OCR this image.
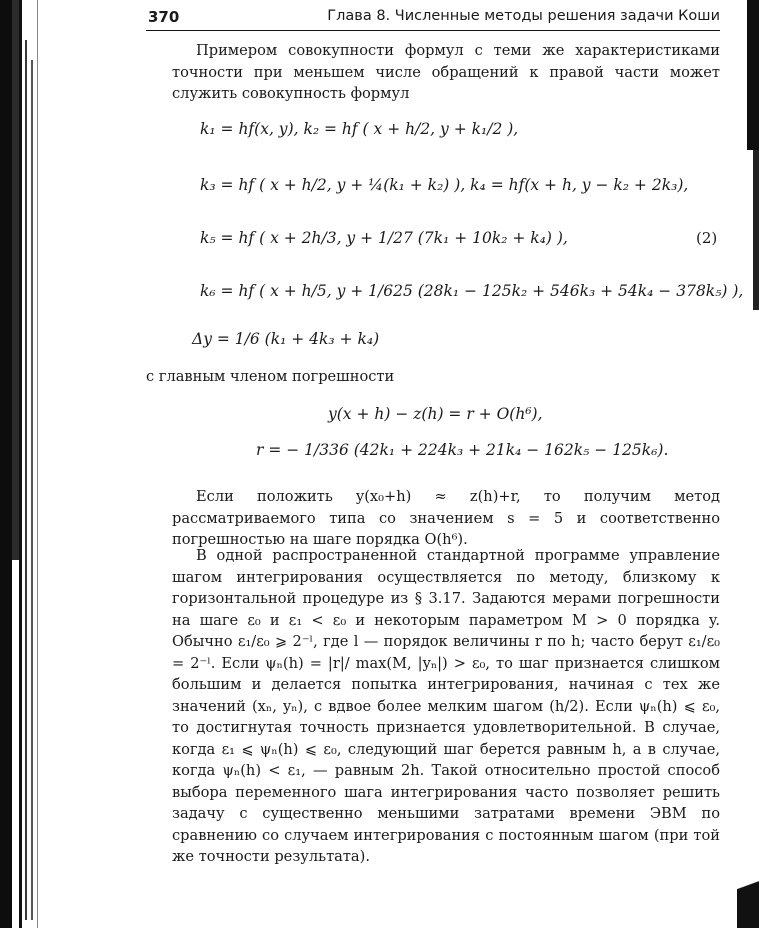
370	Глава 8. Численные методы решения задачи Коши

Примером совокупности формул с теми же характеристиками точности при меньшем числе обращений к правой части может служить совокупность формул

k₁ = hf(x, y), k₂ = hf ( x + h/2, y + k₁/2 ),
k₃ = hf ( x + h/2, y + ¼(k₁ + k₂) ), k₄ = hf(x + h, y − k₂ + 2k₃),
k₅ = hf ( x + 2h/3, y + 1/27 (7k₁ + 10k₂ + k₄) ),	(2)
k₆ = hf ( x + h/5, y + 1/625 (28k₁ − 125k₂ + 546k₃ + 54k₄ − 378k₅) ),
Δy = 1/6 (k₁ + 4k₃ + k₄)

с главным членом погрешности

y(x + h) − z(h) = r + O(h⁶),
r = − 1/336 (42k₁ + 224k₃ + 21k₄ − 162k₅ − 125k₆).

Если положить y(x₀+h) ≈ z(h)+r, то получим метод рассматриваемого типа со значением s = 5 и соответственно погрешностью на шаге порядка O(h⁶).

В одной распространенной стандартной программе управление шагом интегрирования осуществляется по методу, близкому к горизонтальной процедуре из § 3.17. Задаются мерами погрешности на шаге ε₀ и ε₁ < ε₀ и некоторым параметром M > 0 порядка y. Обычно ε₁/ε₀ ⩾ 2⁻ˡ, где l — порядок величины r по h; часто берут ε₁/ε₀ = 2⁻ˡ. Если ψₙ(h) = |r|/ max(M, |yₙ|) > ε₀, то шаг признается слишком большим и делается попытка интегрирования, начиная с тех же значений (xₙ, yₙ), с вдвое более мелким шагом (h/2). Если ψₙ(h) ⩽ ε₀, то достигнутая точность признается удовлетворительной. В случае, когда ε₁ ⩽ ψₙ(h) ⩽ ε₀, следующий шаг берется равным h, а в случае, когда ψₙ(h) < ε₁, — равным 2h. Такой относительно простой способ выбора переменного шага интегрирования часто позволяет решить задачу с существенно меньшими затратами времени ЭВМ по сравнению со случаем интегрирования с постоянным шагом (при той же точности результата).
